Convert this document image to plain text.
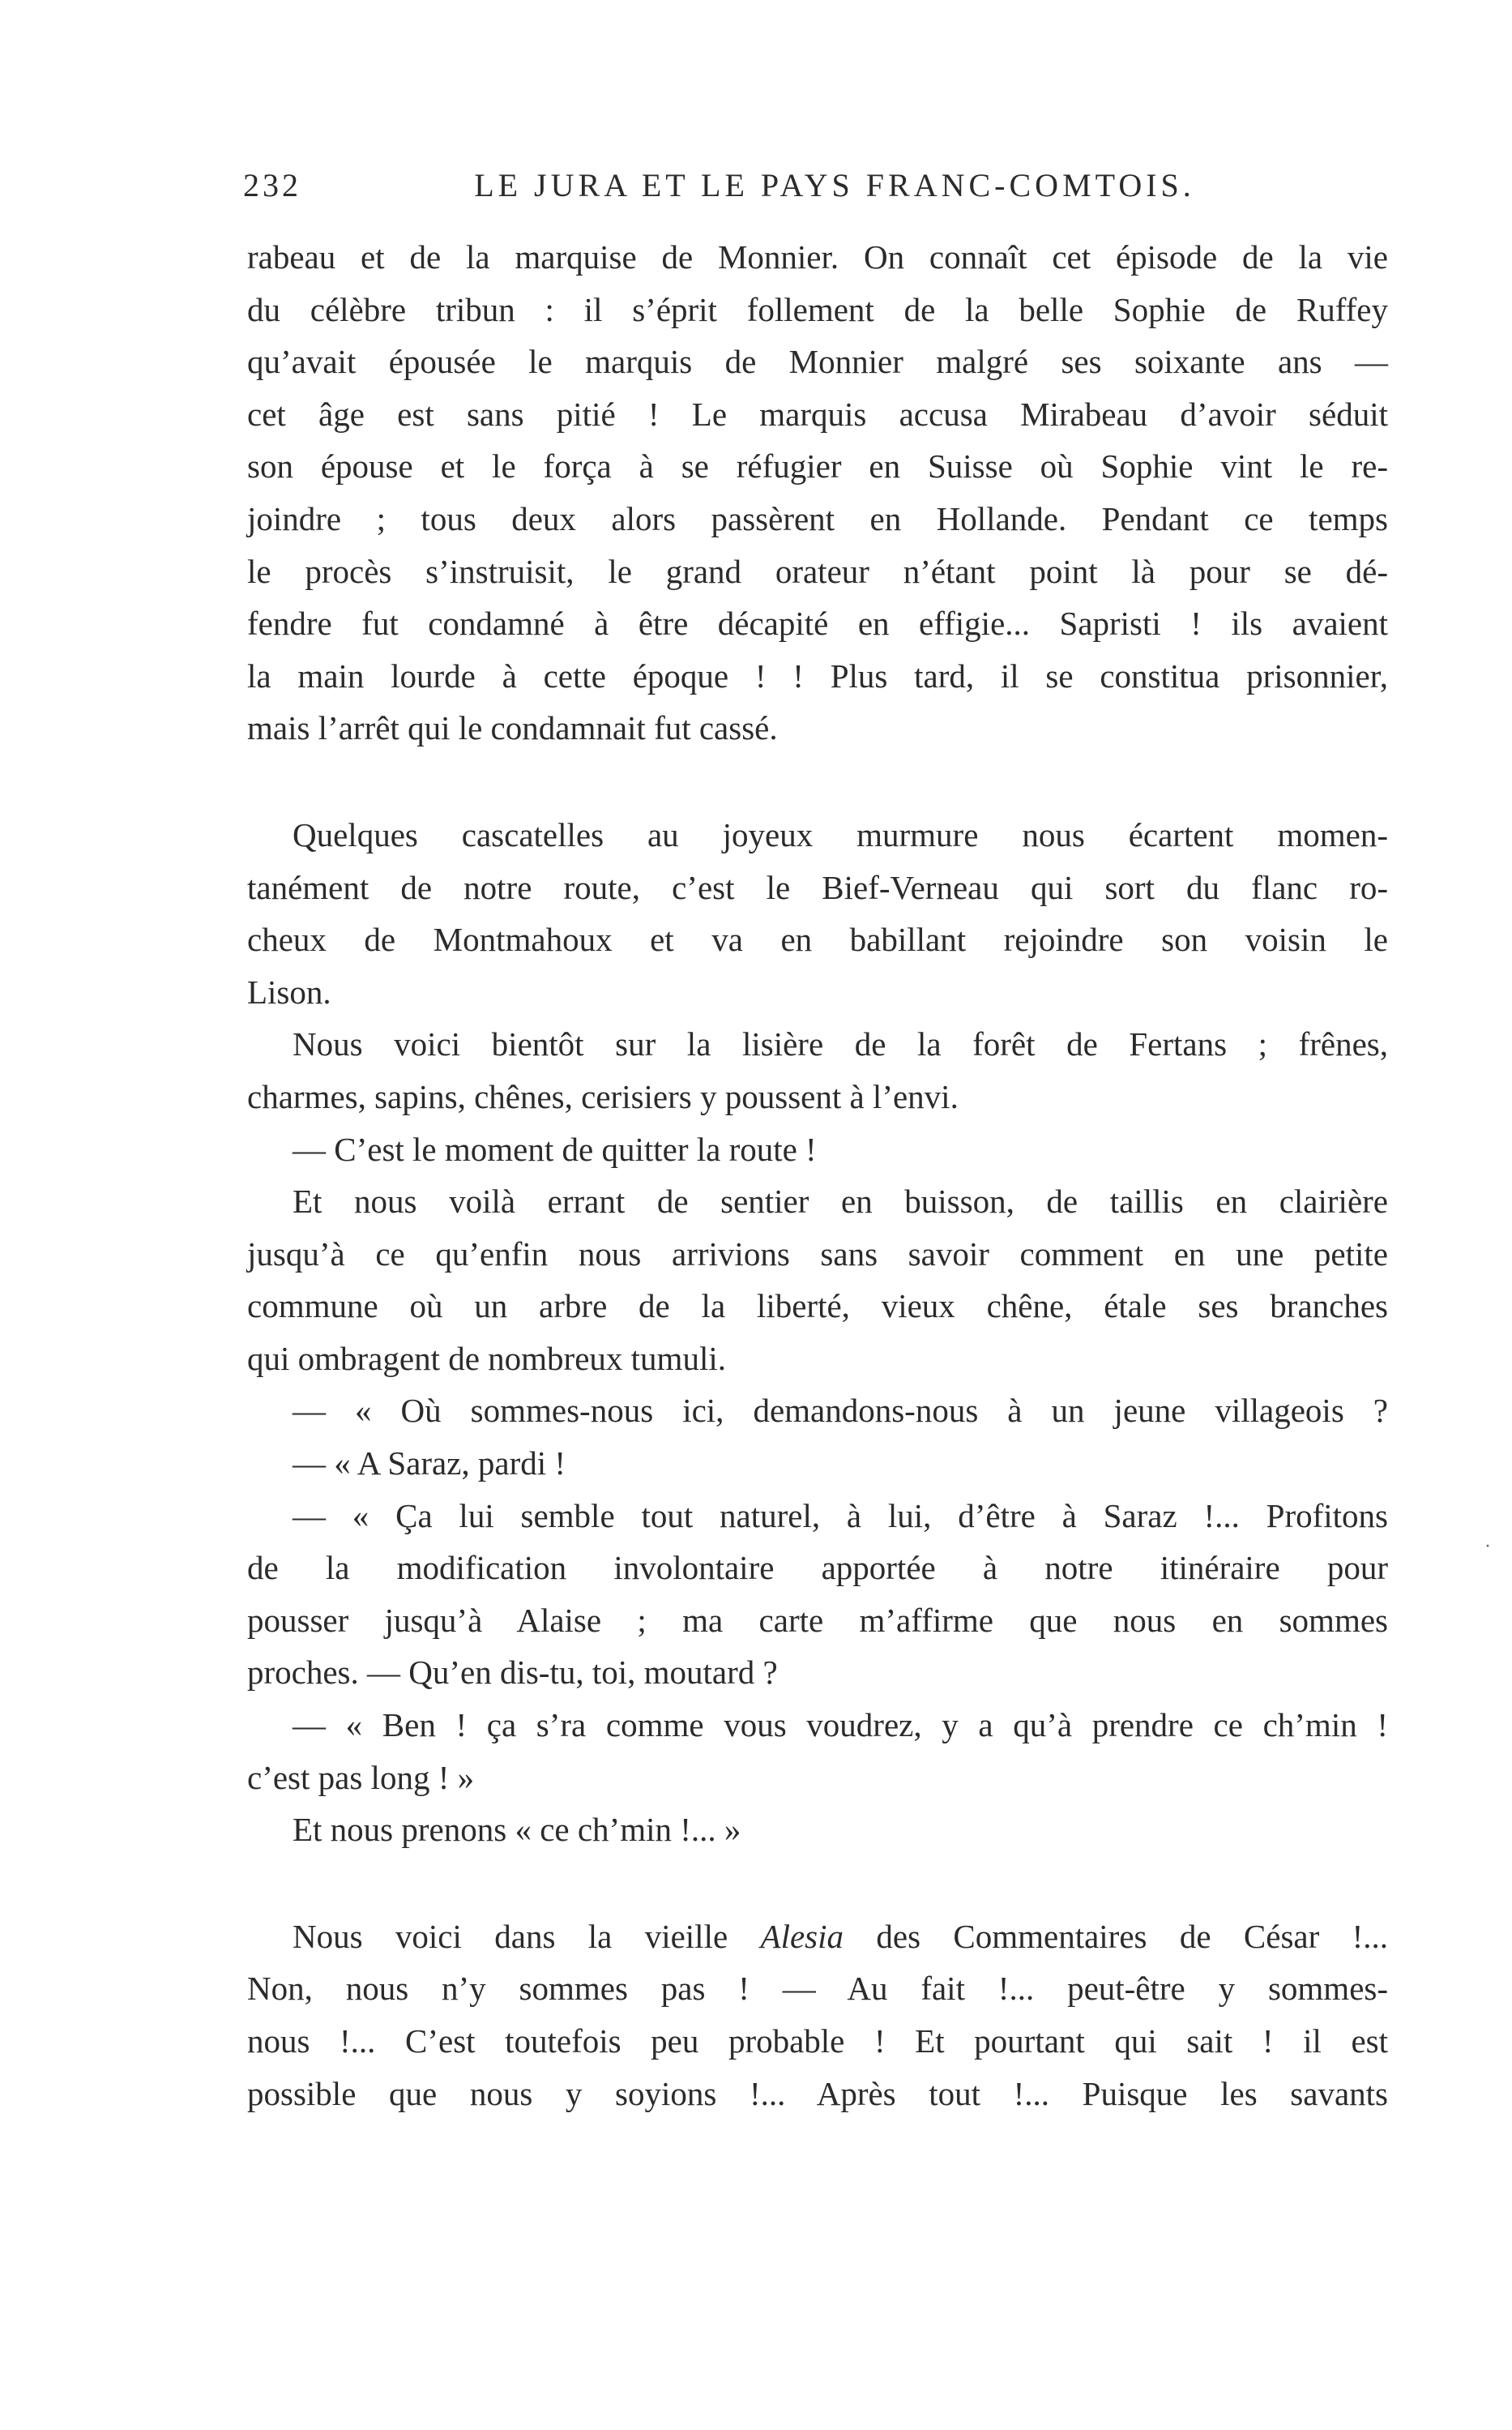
232	LE JURA ET LE PAYS FRANC-COMTOIS.
rabeau et de la marquise de Monnier. On connaît cet épisode de la vie
du célèbre tribun : il s’éprit follement de la belle Sophie de Ruffey
qu’avait épousée le marquis de Monnier malgré ses soixante ans —
cet âge est sans pitié ! Le marquis accusa Mirabeau d’avoir séduit
son épouse et le força à se réfugier en Suisse où Sophie vint le re-
joindre ; tous deux alors passèrent en Hollande. Pendant ce temps
le procès s’instruisit, le grand orateur n’étant point là pour se dé-
fendre fut condamné à être décapité en effigie... Sapristi ! ils avaient
la main lourde à cette époque ! ! Plus tard, il se constitua prisonnier,
mais l’arrêt qui le condamnait fut cassé.
Quelques cascatelles au joyeux murmure nous écartent momen-
tanément de notre route, c’est le Bief-Verneau qui sort du flanc ro-
cheux de Montmahoux et va en babillant rejoindre son voisin le
Lison.
Nous voici bientôt sur la lisière de la forêt de Fertans ; frênes,
charmes, sapins, chênes, cerisiers y poussent à l’envi.
— C’est le moment de quitter la route !
Et nous voilà errant de sentier en buisson, de taillis en clairière
jusqu’à ce qu’enfin nous arrivions sans savoir comment en une petite
commune où un arbre de la liberté, vieux chêne, étale ses branches
qui ombragent de nombreux tumuli.
— « Où sommes-nous ici, demandons-nous à un jeune villageois ?
— « A Saraz, pardi !
— « Ça lui semble tout naturel, à lui, d’être à Saraz !... Profitons
de la modification involontaire apportée à notre itinéraire pour
pousser jusqu’à Alaise ; ma carte m’affirme que nous en sommes
proches. — Qu’en dis-tu, toi, moutard ?
— « Ben ! ça s’ra comme vous voudrez, y a qu’à prendre ce ch’min !
c’est pas long ! »
Et nous prenons « ce ch’min !... »
Nous voici dans la vieille Alesia des Commentaires de César !...
Non, nous n’y sommes pas ! — Au fait !... peut-être y sommes-
nous !... C’est toutefois peu probable ! Et pourtant qui sait ! il est
possible que nous y soyions !... Après tout !... Puisque les savants
·
